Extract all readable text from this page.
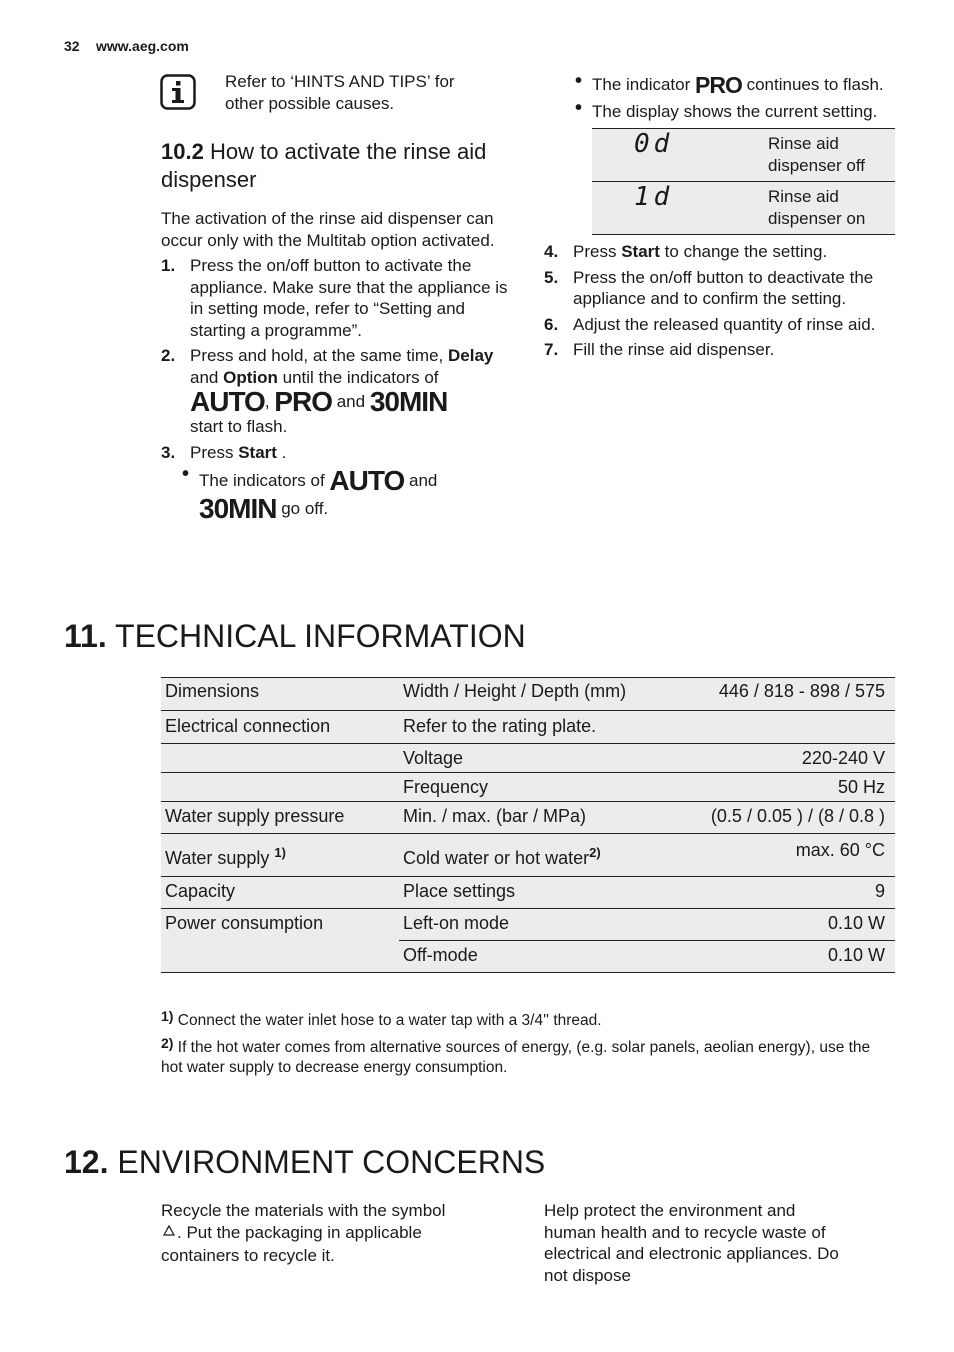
32 www.aeg.com
Refer to ‘HINTS AND TIPS’ for
other possible causes.
10.2 How to activate the rinse aid dispenser

The activation of the rinse aid dispenser can occur only with the Multitab option activated.

1. Press the on/off button to activate the appliance. Make sure that the appliance is in setting mode, refer to “Setting and starting a programme”.
2. Press and hold, at the same time, Delay and Option until the indicators of
AUTO, PRO and 30MIN
start to flash.
3. Press Start .
• The indicators of AUTO and
30MIN go off.
• The indicator PRO continues to flash.
• The display shows the current setting.
0d	Rinse aid dispenser off
1d	Rinse aid dispenser on
4. Press Start to change the setting.
5. Press the on/off button to deactivate the appliance and to confirm the setting.
6. Adjust the released quantity of rinse aid.
7. Fill the rinse aid dispenser.
11. TECHNICAL INFORMATION
Dimensions	Width / Height / Depth (mm)	446 / 818 - 898 / 575
Electrical connection	Refer to the rating plate.	
	Voltage	220-240 V
	Frequency	50 Hz
Water supply pressure	Min. / max. (bar / MPa)	(0.5 / 0.05 ) / (8 / 0.8 )
Water supply $^{1)}$	Cold water or hot water$^{2)}$	max. 60 °C
Capacity	Place settings	9
Power consumption	Left-on mode	0.10 W
	Off-mode	0.10 W
1) Connect the water inlet hose to a water tap with a 3/4'' thread.
2) If the hot water comes from alternative sources of energy, (e.g. solar panels, aeolian energy), use the hot water supply to decrease energy consumption.
12. ENVIRONMENT CONCERNS
Recycle the materials with the symbol . Put the packaging in applicable containers to recycle it.
Help protect the environment and human health and to recycle waste of electrical and electronic appliances. Do not dispose
